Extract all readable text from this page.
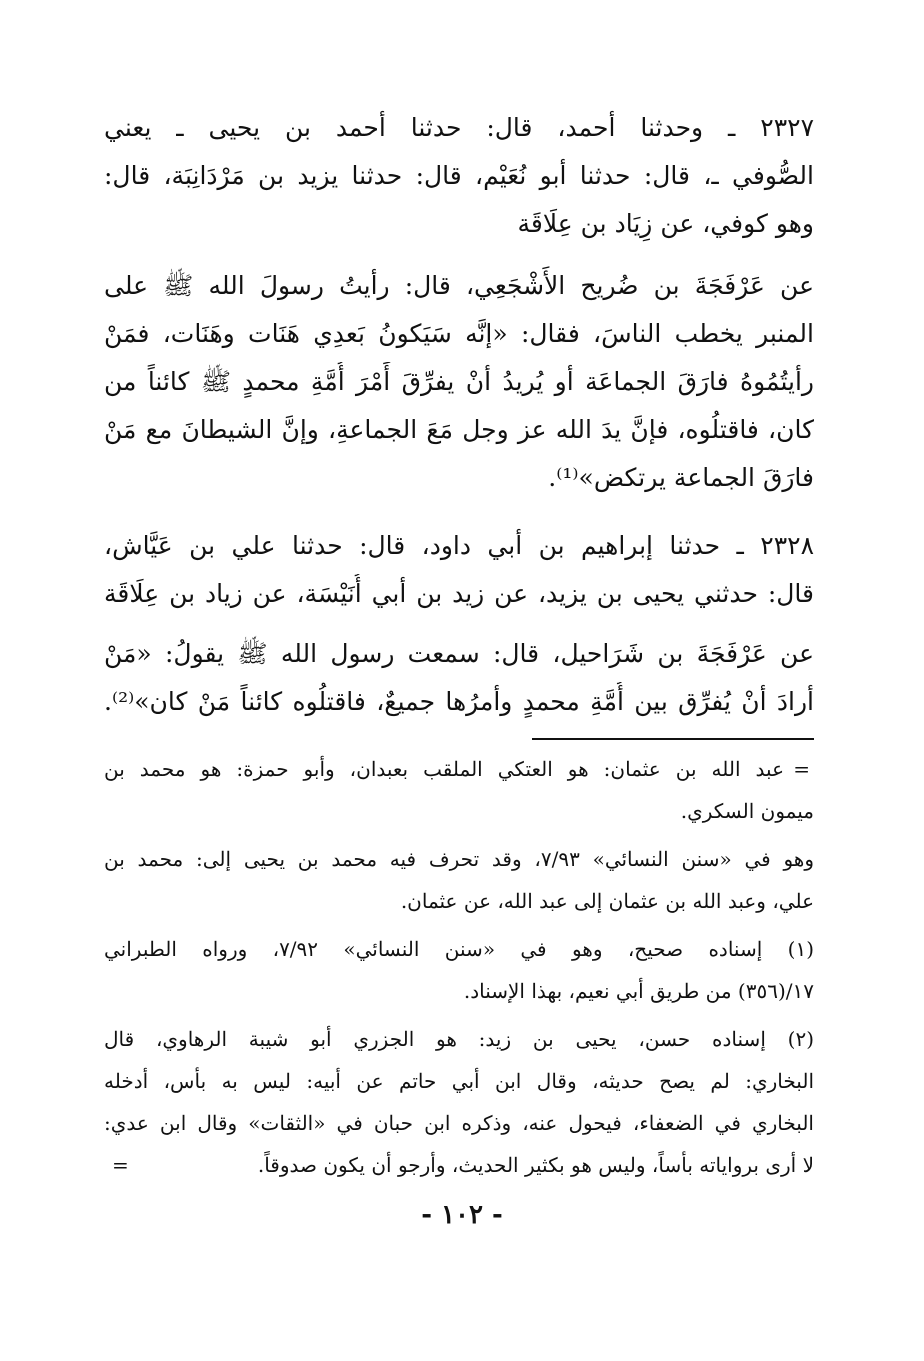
٢٣٢٧ ـ وحدثنا أحمد، قال: حدثنا أحمد بن يحيى ـ يعني
الصُّوفي ـ، قال: حدثنا أبو نُعَيْم، قال: حدثنا يزيد بن مَرْدَانِبَة، قال:
وهو كوفي، عن زِيَاد بن عِلَاقَة
عن عَرْفَجَةَ بن ضُريح الأَشْجَعِي، قال: رأيتُ رسولَ الله ﷺ على
المنبر يخطب الناسَ، فقال: «إنَّه سَيَكونُ بَعدِي هَنَات وهَنَات، فمَنْ
رأيتُمُوهُ فارَقَ الجماعَة أو يُريدُ أنْ يفرِّقَ أَمْرَ أُمَّةِ محمدٍ ﷺ كائناً من
كان، فاقتلُوه، فإنَّ يدَ الله عز وجل مَعَ الجماعةِ، وإنَّ الشيطانَ مع مَنْ
فارَقَ الجماعة يرتكض»⁽¹⁾.
٢٣٢٨ ـ حدثنا إبراهيم بن أبي داود، قال: حدثنا علي بن عَيَّاش،
قال: حدثني يحيى بن يزيد، عن زيد بن أبي أُنَيْسَة، عن زياد بن عِلَاقَة
عن عَرْفَجَةَ بن شَرَاحيل، قال: سمعت رسول الله ﷺ يقولُ: «مَنْ
أرادَ أنْ يُفرِّق بين أُمَّةِ محمدٍ وأمرُها جميعٌ، فاقتلُوه كائناً مَنْ كان»⁽²⁾.
=
عبد الله بن عثمان: هو العتكي الملقب بعبدان، وأبو حمزة: هو محمد بن
ميمون السكري.
وهو في «سنن النسائي» ٧/٩٣، وقد تحرف فيه محمد بن يحيى إلى: محمد بن
علي، وعبد الله بن عثمان إلى عبد الله، عن عثمان.
(١) إسناده صحيح، وهو في «سنن النسائي» ٧/٩٢، ورواه الطبراني
١٧/(٣٥٦) من طريق أبي نعيم، بهذا الإسناد.
(٢) إسناده حسن، يحيى بن زيد: هو الجزري أبو شيبة الرهاوي، قال
البخاري: لم يصح حديثه، وقال ابن أبي حاتم عن أبيه: ليس به بأس، أدخله
البخاري في الضعفاء، فيحول عنه، وذكره ابن حبان في «الثقات» وقال ابن عدي:
لا أرى برواياته بأساً، وليس هو بكثير الحديث، وأرجو أن يكون صدوقاً.
=
- ١٠٢ -
